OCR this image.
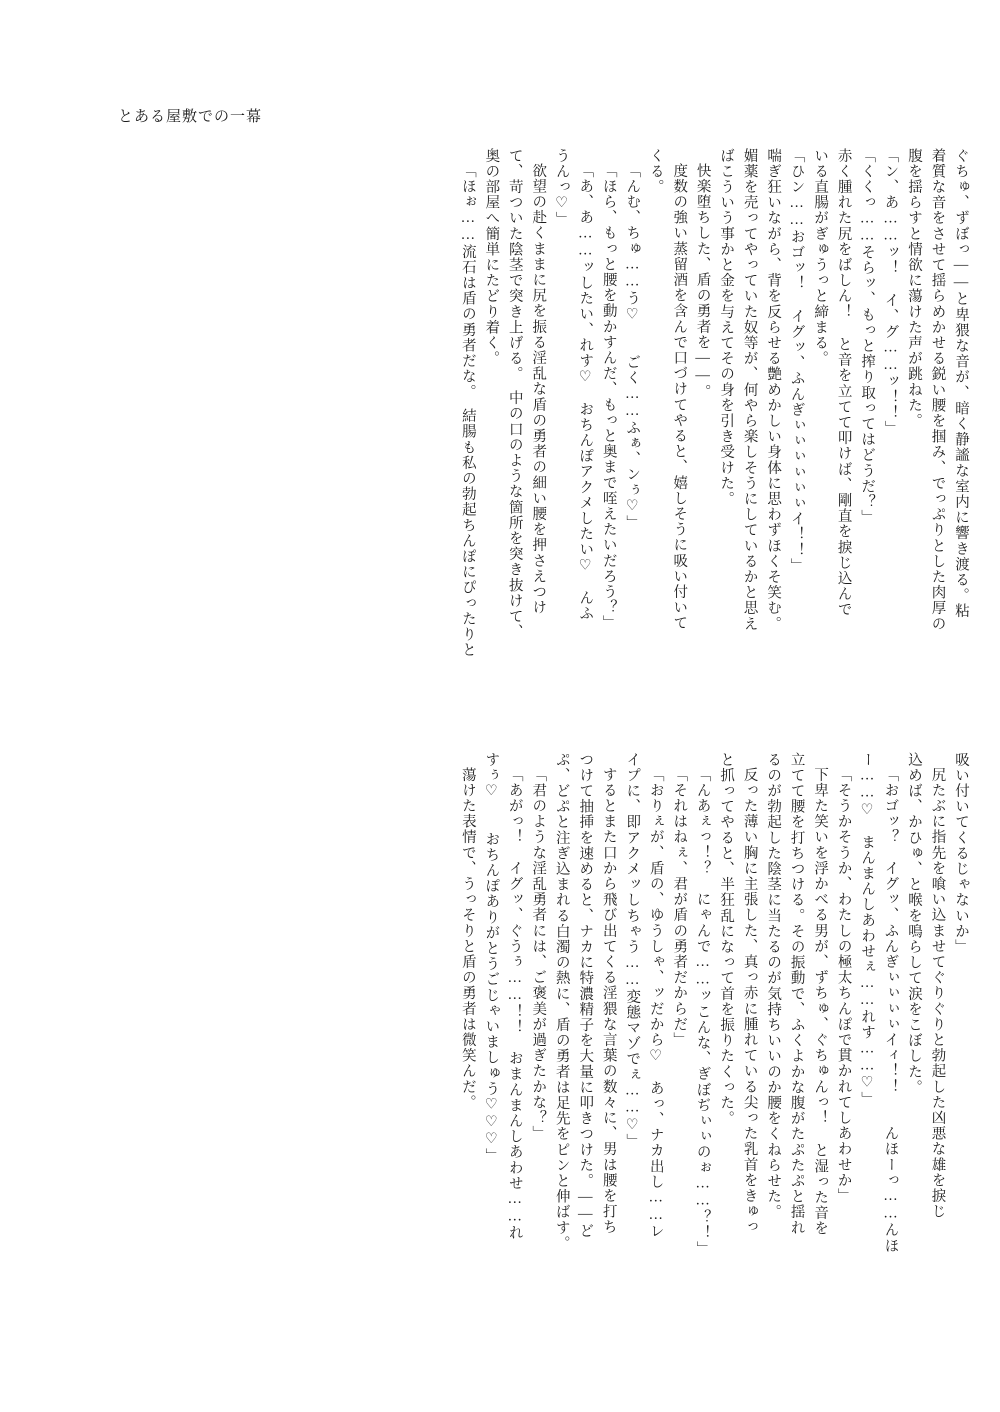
とある屋敷での一幕

ぐちゅ、ずぼっ——と卑猥な音が、暗く静謐な室内に響き渡る。粘

着質な音をさせて揺らめかせる鋭い腰を掴み、でっぷりとした肉厚の

腹を揺らすと情欲に蕩けた声が跳ねた。

「ン、あ……ッ！ イ、グ……ッ！！」

「くくっ……そらッ、もっと搾り取ってはどうだ？」

赤く腫れた尻をばしん！ と音を立てて叩けば、剛直を捩じ込んで

いる直腸がぎゅうっと締まる。

「ひン……おゴッ！ イグッ、ふんぎぃぃぃぃぃぃイ！！」

喘ぎ狂いながら、背を反らせる艶めかしい身体に思わずほくそ笑む。

媚薬を売ってやっていた奴等が、何やら楽しそうにしているかと思え

ばこういう事かと金を与えてその身を引き受けた。

快楽堕ちした、盾の勇者を——。

度数の強い蒸留酒を含んで口づけてやると、嬉しそうに吸い付いて

くる。

「んむ、ちゅ……う♡　　ごく……ふぁ、ンぅ♡」

「ほら、もっと腰を動かすんだ、もっと奥まで咥えたいだろう？」

「あ、あ……ッしたい、れす♡　おちんぽアクメしたい♡　んふ

うんっ♡」

欲望の赴くままに尻を振る淫乱な盾の勇者の細い腰を押さえつけ

て、苛ついた陰茎で突き上げる。　中の口のような箇所を突き抜けて、

奥の部屋へ簡単にたどり着く。

「ほぉ……流石は盾の勇者だな。　結腸も私の勃起ちんぽにぴったりと

吸い付いてくるじゃないか」

尻たぶに指先を喰い込ませてぐりぐりと勃起した凶悪な雄を捩じ

込めば、かひゅ、と喉を鳴らして涙をこぼした。

「おゴッ？　イグッ、ふんぎぃぃぃぃイィ！！　　んほーっ……んほ

ー……♡　まんまんしあわせぇ……れす……♡」

「そうかそうか、わたしの極太ちんぽで貫かれてしあわせか」

下卑た笑いを浮かべる男が、ずちゅ、ぐちゅんっ！ と湿った音を

立てて腰を打ちつける。その振動で、ふくよかな腹がたぷたぷと揺れ

るのが勃起した陰茎に当たるのが気持ちいいのか腰をくねらせた。

反った薄い胸に主張した、真っ赤に腫れている尖った乳首をきゅっ

と抓ってやると、半狂乱になって首を振りたくった。

「んあぇっ！？　にゃんで……ッこんな、ぎぼぢぃぃのぉ……？！」

「それはねぇ、君が盾の勇者だからだ」

「おりぇが、盾の、ゆうしゃ、ッだから♡　あっ、ナカ出し……レ

イプに、即アクメッしちゃう……変態マゾでぇ……♡」

するとまた口から飛び出てくる淫猥な言葉の数々に、男は腰を打ち

つけて抽挿を速めると、ナカに特濃精子を大量に叩きつけた。——ど

ぷ、どぷと注ぎ込まれる白濁の熱に、盾の勇者は足先をピンと伸ばす。

「君のような淫乱勇者には、ご褒美が過ぎたかな？」

「あがっ！　イグッ、ぐうぅ……！！　おまんまんしあわせ……れ

すぅ♡　　おちんぽありがとうごじゃいましゅう♡♡♡」

蕩けた表情で、うっそりと盾の勇者は微笑んだ。
